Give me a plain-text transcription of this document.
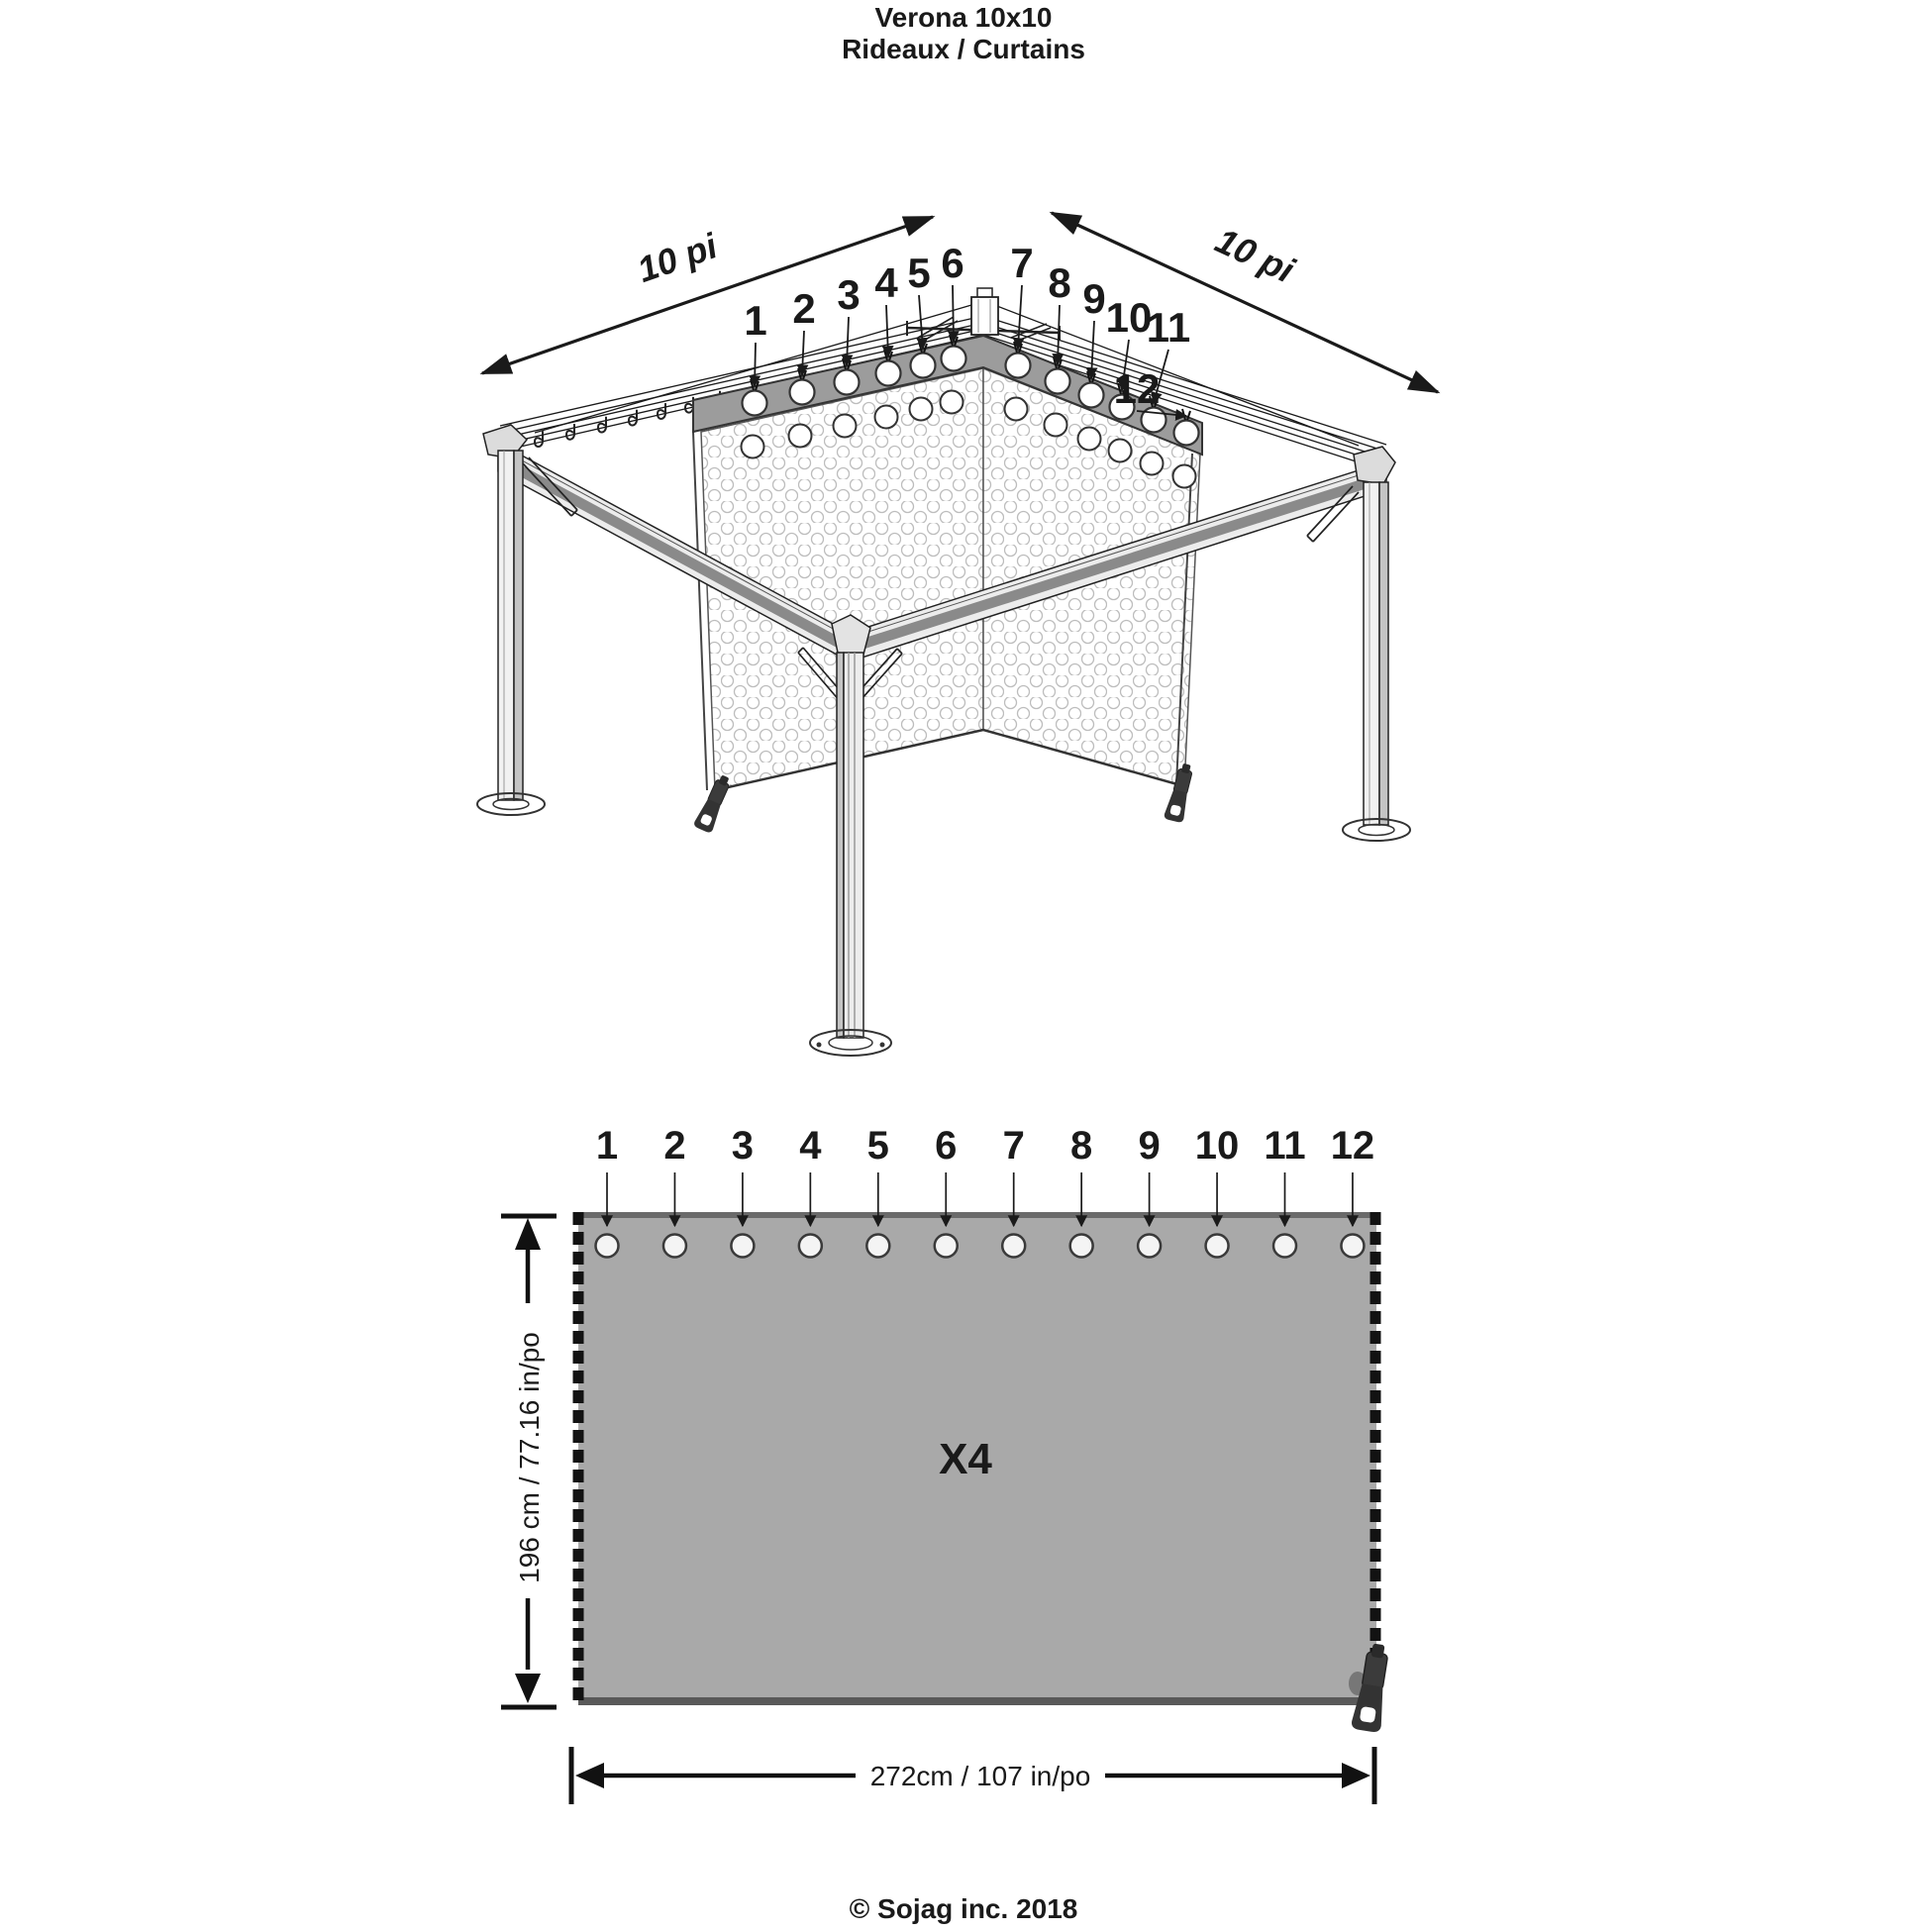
Verona 10x10
Rideaux / Curtains
10 pi	10 pi
1 2 3 4 5 6 7 8 9 10
11
12
1 2 3 4 5 6 7 8 9 10 11 12
X4
196 cm / 77.16 in/po
272cm / 107 in/po
© Sojag inc. 2018
